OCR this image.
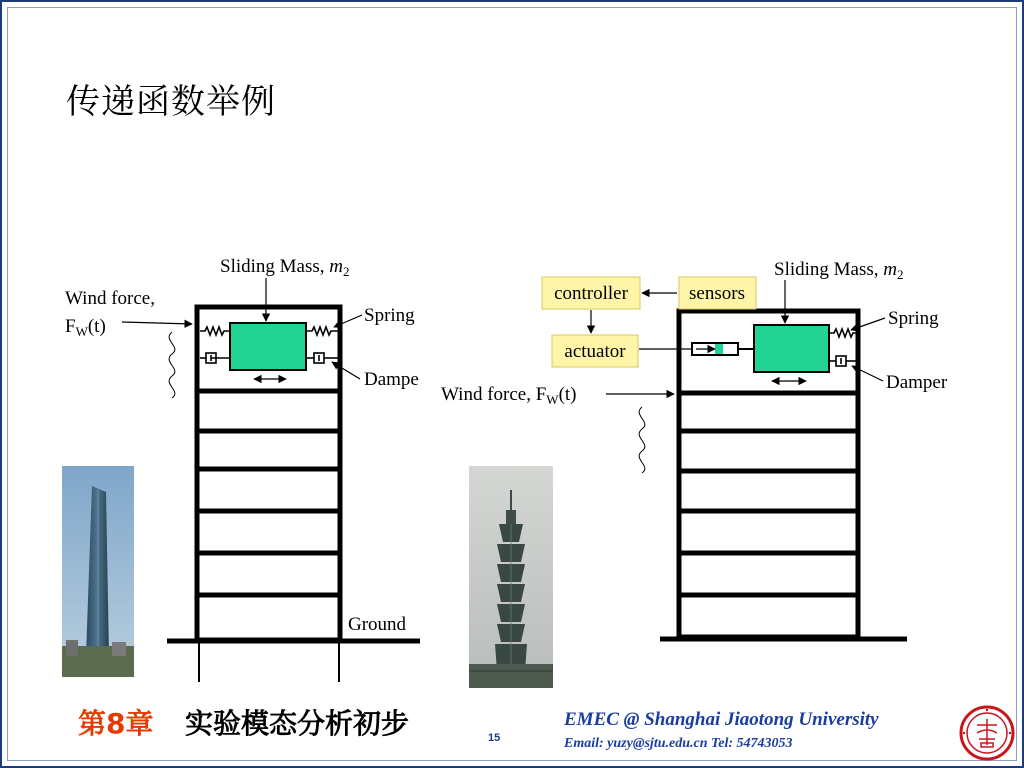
传递函数举例
Sliding Mass, $m_2$
Wind force,
$F_W(t)$
Spring
Dampe
Ground
controller	sensors
actuator
Sliding Mass, $m_2$
Spring
Damper
Wind force, $F_W(t)$
第8章 实验模态分析初步	15
EMEC @ Shanghai Jiaotong University
Email: yuzy@sjtu.edu.cn Tel: 54743053
